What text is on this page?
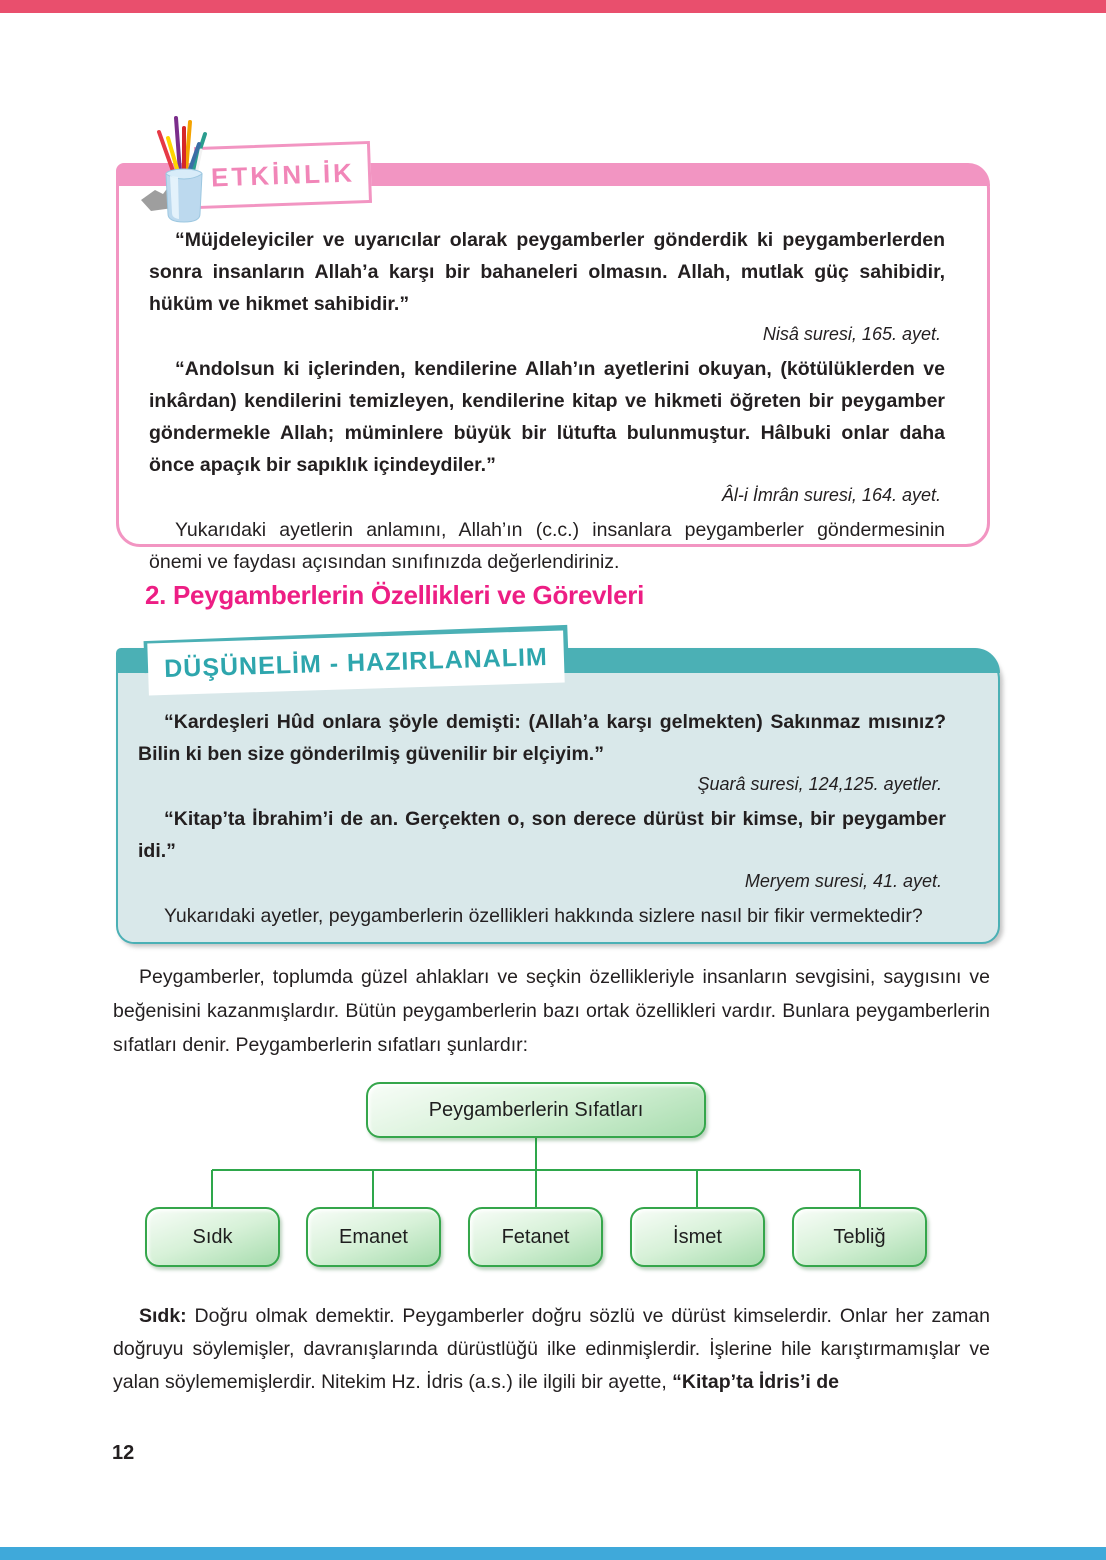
ETKİNLİK

“Müjdeleyiciler ve uyarıcılar olarak peygamberler gönderdik ki peygamberlerden sonra insanların Allah’a karşı bir bahaneleri olmasın. Allah, mutlak güç sahibidir, hüküm ve hikmet sahibidir.”

Nisâ suresi, 165. ayet.

“Andolsun ki içlerinden, kendilerine Allah’ın ayetlerini okuyan, (kötülüklerden ve inkârdan) kendilerini temizleyen, kendilerine kitap ve hikmeti öğreten bir peygamber göndermekle Allah; müminlere büyük bir lütufta bulunmuştur. Hâlbuki onlar daha önce apaçık bir sapıklık içindeydiler.”

Âl-i İmrân suresi, 164. ayet.

Yukarıdaki ayetlerin anlamını, Allah’ın (c.c.) insanlara peygamberler göndermesinin önemi ve faydası açısından sınıfınızda değerlendiriniz.

2. Peygamberlerin Özellikleri ve Görevleri
DÜŞÜNELİM - HAZIRLANALIM

“Kardeşleri Hûd onlara şöyle demişti: (Allah’a karşı gelmekten) Sakınmaz mısınız? Bilin ki ben size gönderilmiş güvenilir bir elçiyim.”

Şuarâ suresi, 124,125. ayetler.

“Kitap’ta İbrahim’i de an. Gerçekten o, son derece dürüst bir kimse, bir peygamber idi.”

Meryem suresi, 41. ayet.

Yukarıdaki ayetler, peygamberlerin özellikleri hakkında sizlere nasıl bir fikir vermektedir?

Peygamberler, toplumda güzel ahlakları ve seçkin özellikleriyle insanların sevgisini, saygısını ve beğenisini kazanmışlardır. Bütün peygamberlerin bazı ortak özellikleri vardır. Bunlara peygamberlerin sıfatları denir. Peygamberlerin sıfatları şunlardır:

Peygamberlerin Sıfatları
Sıdk	Emanet	Fetanet	İsmet	Tebliğ

Sıdk: Doğru olmak demektir. Peygamberler doğru sözlü ve dürüst kimselerdir. Onlar her zaman doğruyu söylemişler, davranışlarında dürüstlüğü ilke edinmişlerdir. İşlerine hile karıştırmamışlar ve yalan söylememişlerdir. Nitekim Hz. İdris (a.s.) ile ilgili bir ayette, “Kitap’ta İdris’i de

12
